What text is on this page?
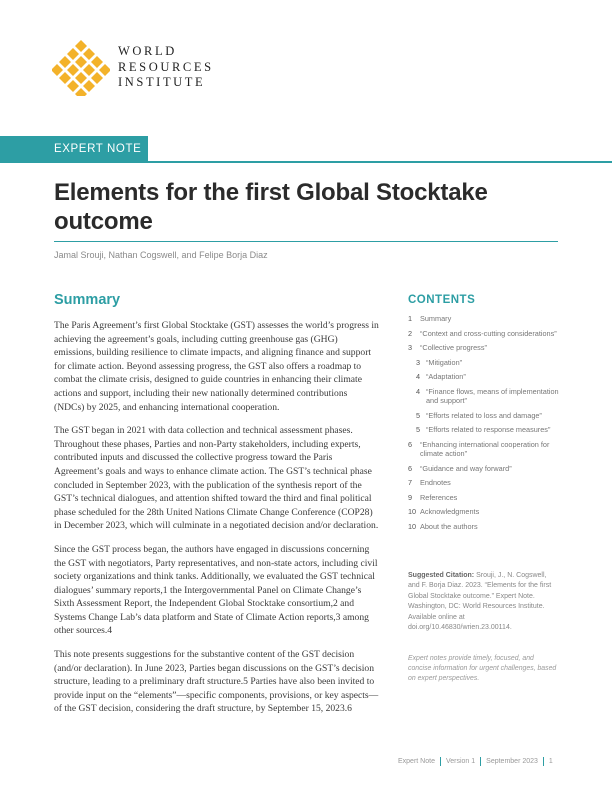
WORLD
RESOURCES
INSTITUTE
EXPERT NOTE
Elements for the first Global Stocktake outcome
Jamal Srouji, Nathan Cogswell, and Felipe Borja Diaz
Summary

The Paris Agreement’s first Global Stocktake (GST) assesses the world’s progress in achieving the agreement’s goals, including cutting greenhouse gas (GHG) emissions, building resilience to climate impacts, and aligning finance and support for climate action. Beyond assessing progress, the GST also offers a roadmap to combat the climate crisis, designed to guide countries in enhancing their climate actions and support, including their new nationally determined contributions (NDCs) by 2025, and enhancing international cooperation.

The GST began in 2021 with data collection and technical assessment phases. Throughout these phases, Parties and non-Party stakeholders, including experts, contributed inputs and discussed the collective progress toward the Paris Agreement’s goals and ways to enhance climate action. The GST’s technical phase concluded in September 2023, with the publication of the synthesis report of the GST’s technical dialogues, and attention shifted toward the third and final political phase scheduled for the 28th United Nations Climate Change Conference (COP28) in December 2023, which will culminate in a negotiated decision and/or declaration.

Since the GST process began, the authors have engaged in discussions concerning the GST with negotiators, Party representatives, and non-state actors, including civil society organizations and think tanks. Additionally, we evaluated the GST technical dialogues’ summary reports,1 the Intergovernmental Panel on Climate Change’s Sixth Assessment Report, the Independent Global Stocktake consortium,2 and Systems Change Lab’s data platform and State of Climate Action reports,3 among other sources.4

This note presents suggestions for the substantive content of the GST decision (and/or declaration). In June 2023, Parties began discussions on the GST’s decision structure, leading to a preliminary draft structure.5 Parties have also been invited to provide input on the “elements”—specific components, provisions, or key aspects—of the GST decision, considering the draft structure, by September 15, 2023.6

CONTENTS
1	Summary
2	“Context and cross-cutting considerations”
3	“Collective progress”
3 “Mitigation”
4 “Adaptation”
4 “Finance flows, means of implementation and support”
5 “Efforts related to loss and damage”
5 “Efforts related to response measures”
6	“Enhancing international cooperation for climate action”
6	“Guidance and way forward”
7	Endnotes
9	References
10 Acknowledgments
10 About the authors
Suggested Citation: Srouji, J., N. Cogswell, and F. Borja Diaz. 2023. “Elements for the first Global Stocktake outcome.” Expert Note. Washington, DC: World Resources Institute. Available online at doi.org/10.46830/wrien.23.00114.
Expert notes provide timely, focused, and concise information for urgent challenges, based on expert perspectives.
Expert Note Version 1 September 2023 1
